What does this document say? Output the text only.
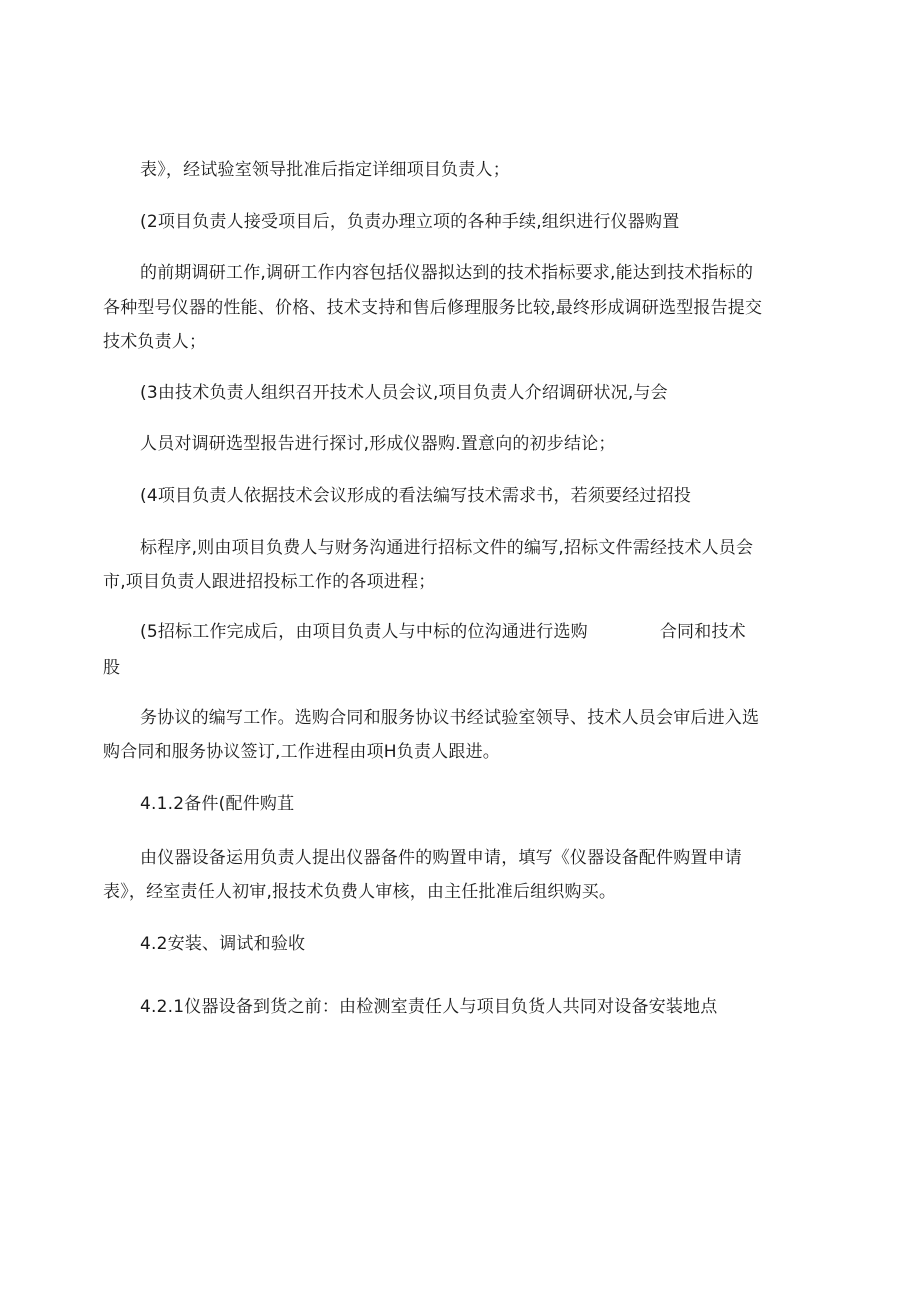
表》，经试验室领导批准后指定详细项目负责人；
(2项目负责人接受项目后，负责办理立项的各种手续,组织进行仪器购置
的前期调研工作,调研工作内容包括仪器拟达到的技术指标要求,能达到技术指标的
各种型号仪器的性能、价格、技术支持和售后修理服务比较,最终形成调研选型报告提交
技术负责人；
(3由技术负责人组织召开技术人员会议,项目负责人介绍调研状况,与会
人员对调研选型报告进行探讨,形成仪器购.置意向的初步结论；
(4项目负责人依据技术会议形成的看法编写技术需求书，若须要经过招投
标程序,则由项目负费人与财务沟通进行招标文件的编写,招标文件需经技术人员会
市,项目负责人跟进招投标工作的各项进程；
(5招标工作完成后，由项目负责人与中标的位沟通进行选购	合同和技术
股
务协议的编写工作。选购合同和服务协议书经试验室领导、技术人员会审后进入选
购合同和服务协议签订,工作进程由项H负责人跟进。
4.1.2备件(配件购苴
由仪器设备运用负责人提出仪器备件的购置申请，填写《仪器设备配件购置申请
表》，经室责任人初审,报技术负费人审核，由主任批准后组织购买。
4.2安装、调试和验收
4.2.1仪器设备到货之前：由检测室责任人与项目负货人共同对设备安装地点
